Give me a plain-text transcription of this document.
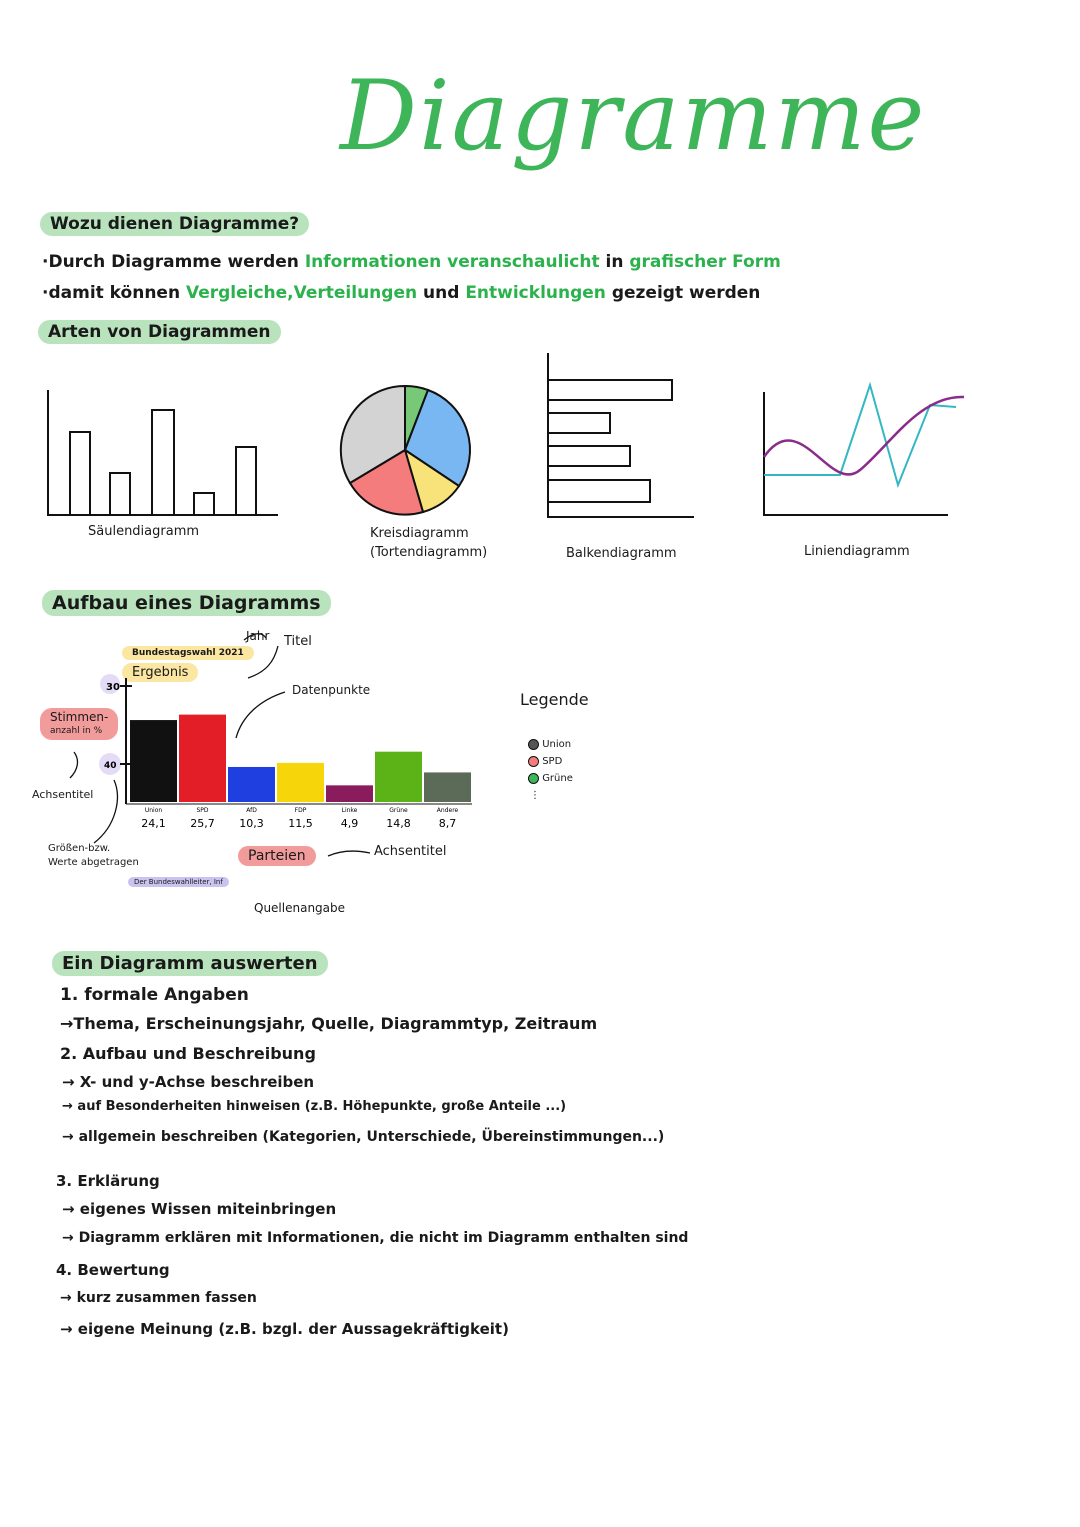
Diagramme
Wozu dienen Diagramme?
·Durch Diagramme werden Informationen veranschaulicht in grafischer Form
·damit können Vergleiche,Verteilungen und Entwicklungen gezeigt werden
Arten von Diagrammen
Säulendiagramm	Kreisdiagramm
(Tortendiagramm)	Balkendiagramm	Liniendiagramm
Aufbau eines Diagramms
Bundestagswahl 2021
Ergebnis
Jahr Titel
Datenpunkte
Stimmen-
anzahl in %
Achsentitel
Größen-bzw.
Werte abgetragen
30
40
Union
24,1
SPD
25,7
AfD
10,3
FDP
11,5
Linke
4,9
Grüne
14,8
Andere
8,7
Parteien	Achsentitel
Der Bundeswahlleiter, Inf
Quellenangabe
Legende
Union
SPD
Grüne
⋮
Ein Diagramm auswerten
1. formale Angaben
→Thema, Erscheinungsjahr, Quelle, Diagrammtyp, Zeitraum
2. Aufbau und Beschreibung
→ X- und y-Achse beschreiben
→ auf Besonderheiten hinweisen (z.B. Höhepunkte, große Anteile ...)
→ allgemein beschreiben (Kategorien, Unterschiede, Übereinstimmungen...)
3. Erklärung
→ eigenes Wissen miteinbringen
→ Diagramm erklären mit Informationen, die nicht im Diagramm enthalten sind
4. Bewertung
→ kurz zusammen fassen
→ eigene Meinung (z.B. bzgl. der Aussagekräftigkeit)
